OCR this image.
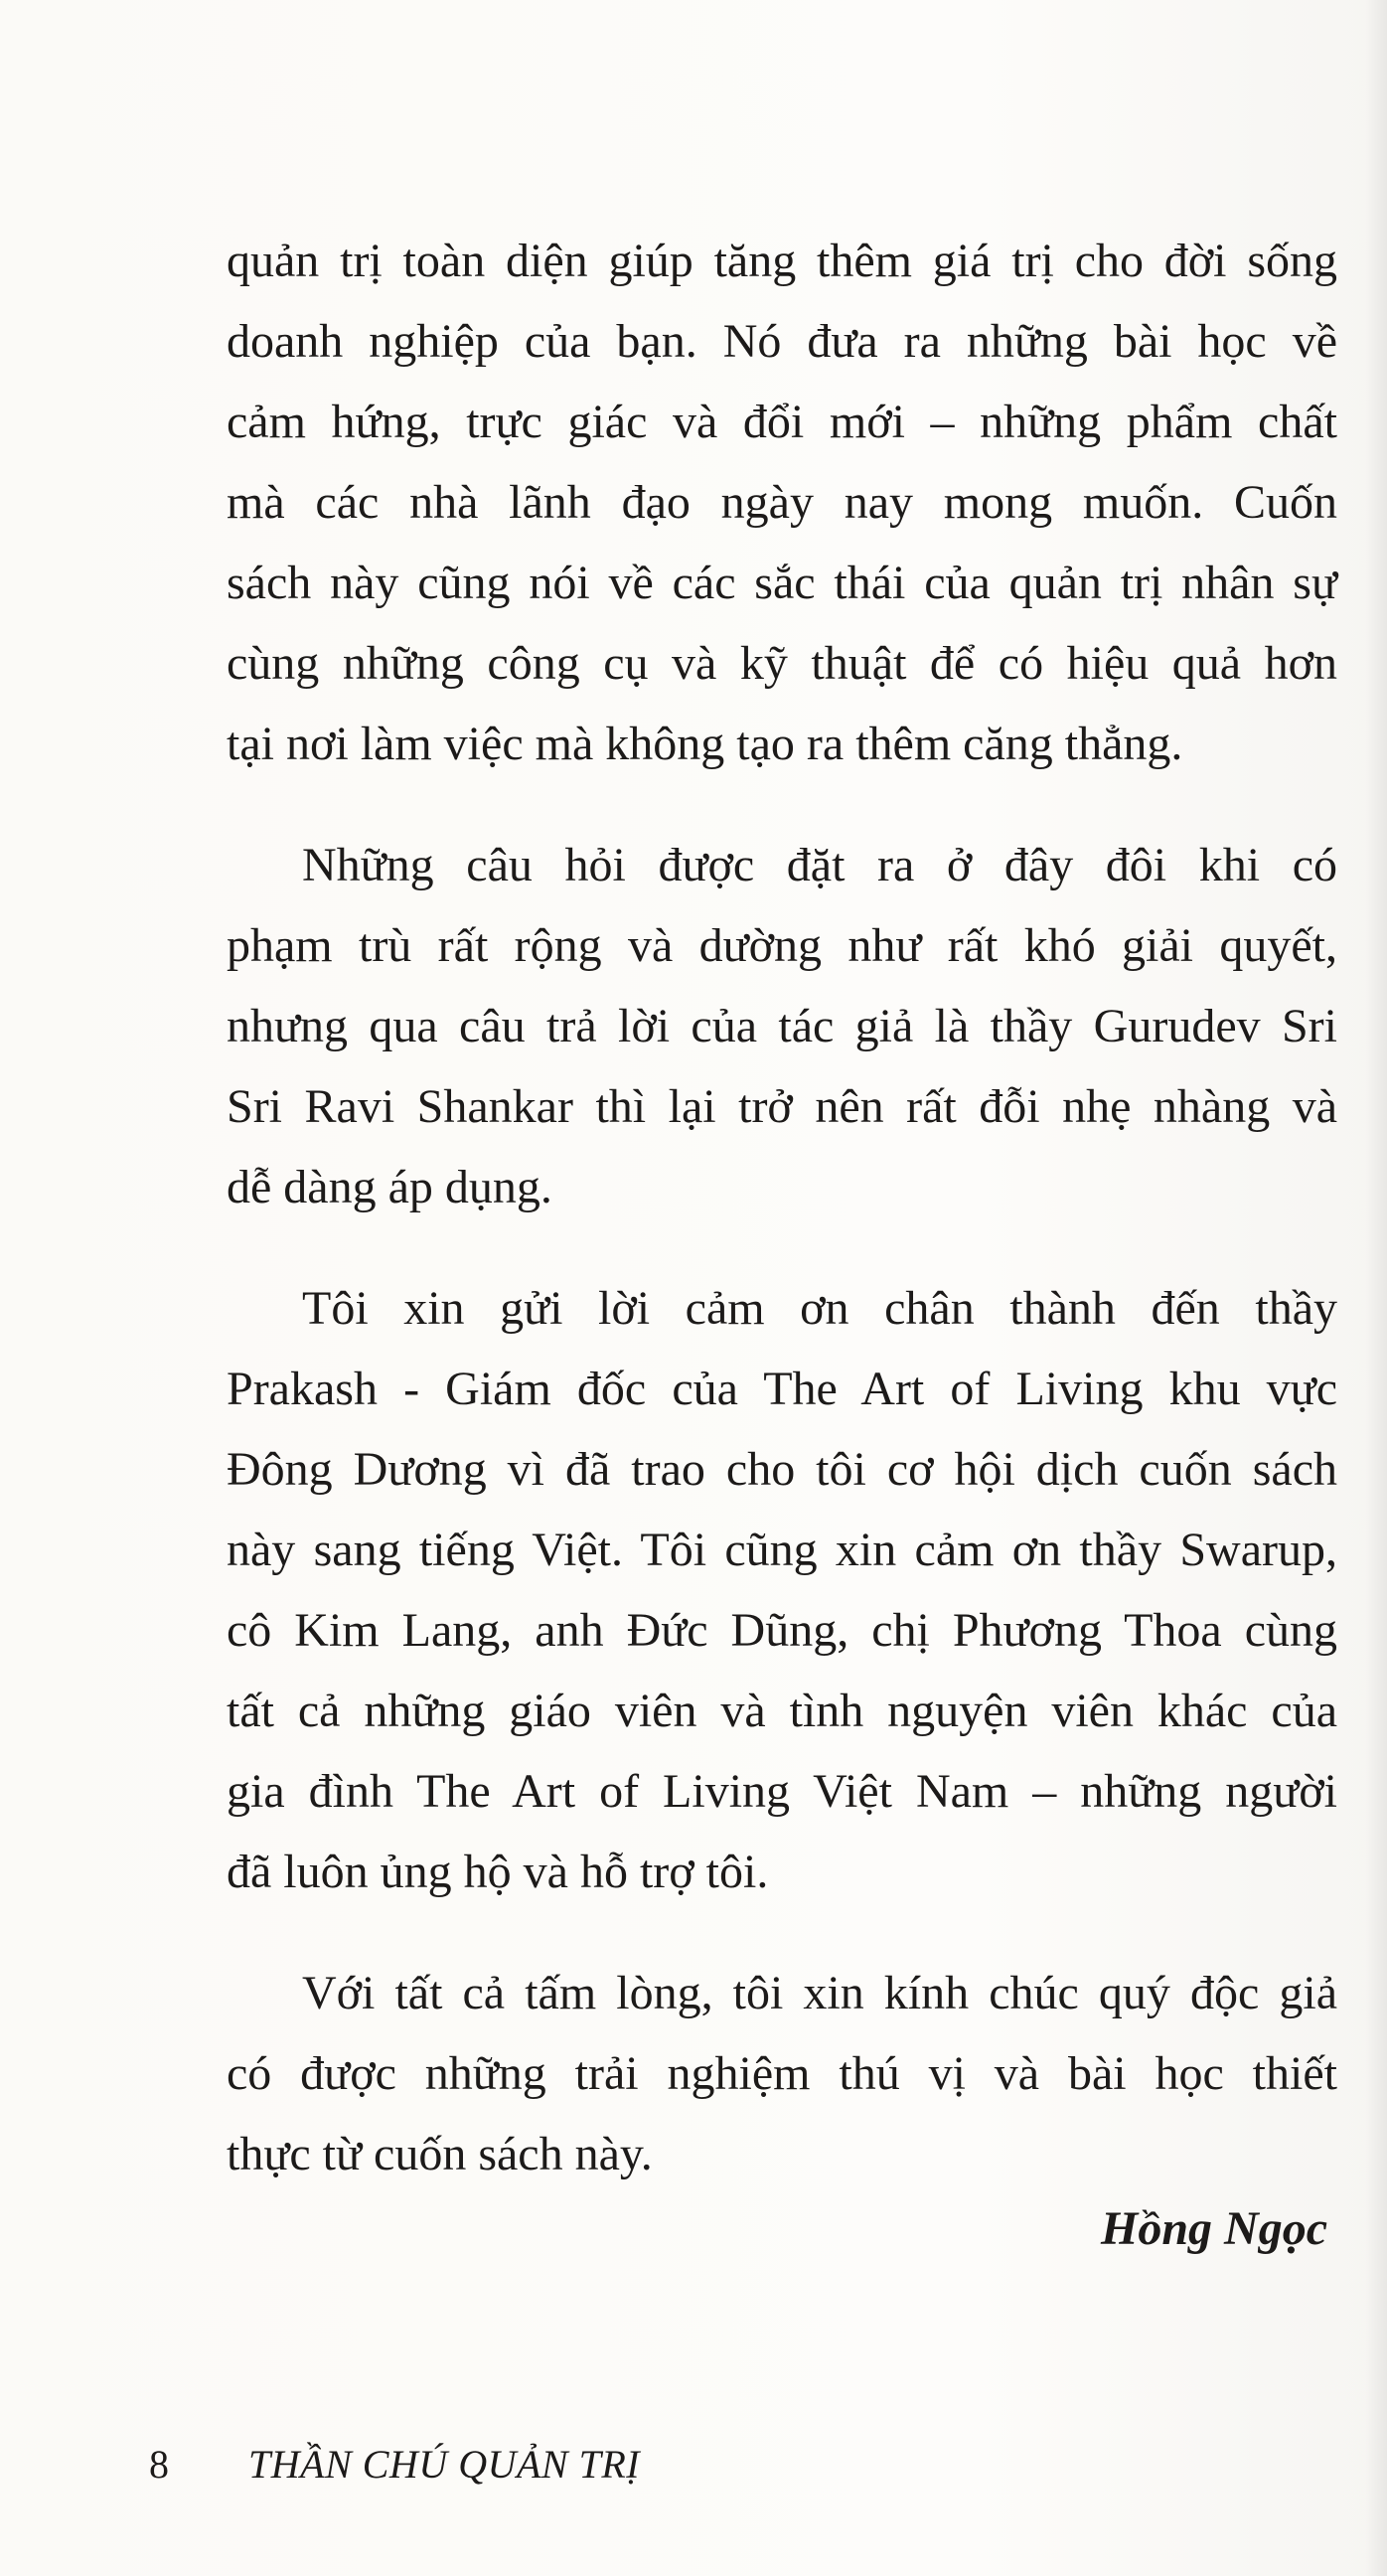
quản trị toàn diện giúp tăng thêm giá trị cho đời sống
doanh nghiệp của bạn. Nó đưa ra những bài học về
cảm hứng, trực giác và đổi mới – những phẩm chất
mà các nhà lãnh đạo ngày nay mong muốn. Cuốn
sách này cũng nói về các sắc thái của quản trị nhân sự
cùng những công cụ và kỹ thuật để có hiệu quả hơn
tại nơi làm việc mà không tạo ra thêm căng thẳng.

Những câu hỏi được đặt ra ở đây đôi khi có
phạm trù rất rộng và dường như rất khó giải quyết,
nhưng qua câu trả lời của tác giả là thầy Gurudev Sri
Sri Ravi Shankar thì lại trở nên rất đỗi nhẹ nhàng và
dễ dàng áp dụng.

Tôi xin gửi lời cảm ơn chân thành đến thầy
Prakash - Giám đốc của The Art of Living khu vực
Đông Dương vì đã trao cho tôi cơ hội dịch cuốn sách
này sang tiếng Việt. Tôi cũng xin cảm ơn thầy Swarup,
cô Kim Lang, anh Đức Dũng, chị Phương Thoa cùng
tất cả những giáo viên và tình nguyện viên khác của
gia đình The Art of Living Việt Nam – những người
đã luôn ủng hộ và hỗ trợ tôi.

Với tất cả tấm lòng, tôi xin kính chúc quý độc giả
có được những trải nghiệm thú vị và bài học thiết
thực từ cuốn sách này.

Hồng Ngọc

8 THẦN CHÚ QUẢN TRỊ
